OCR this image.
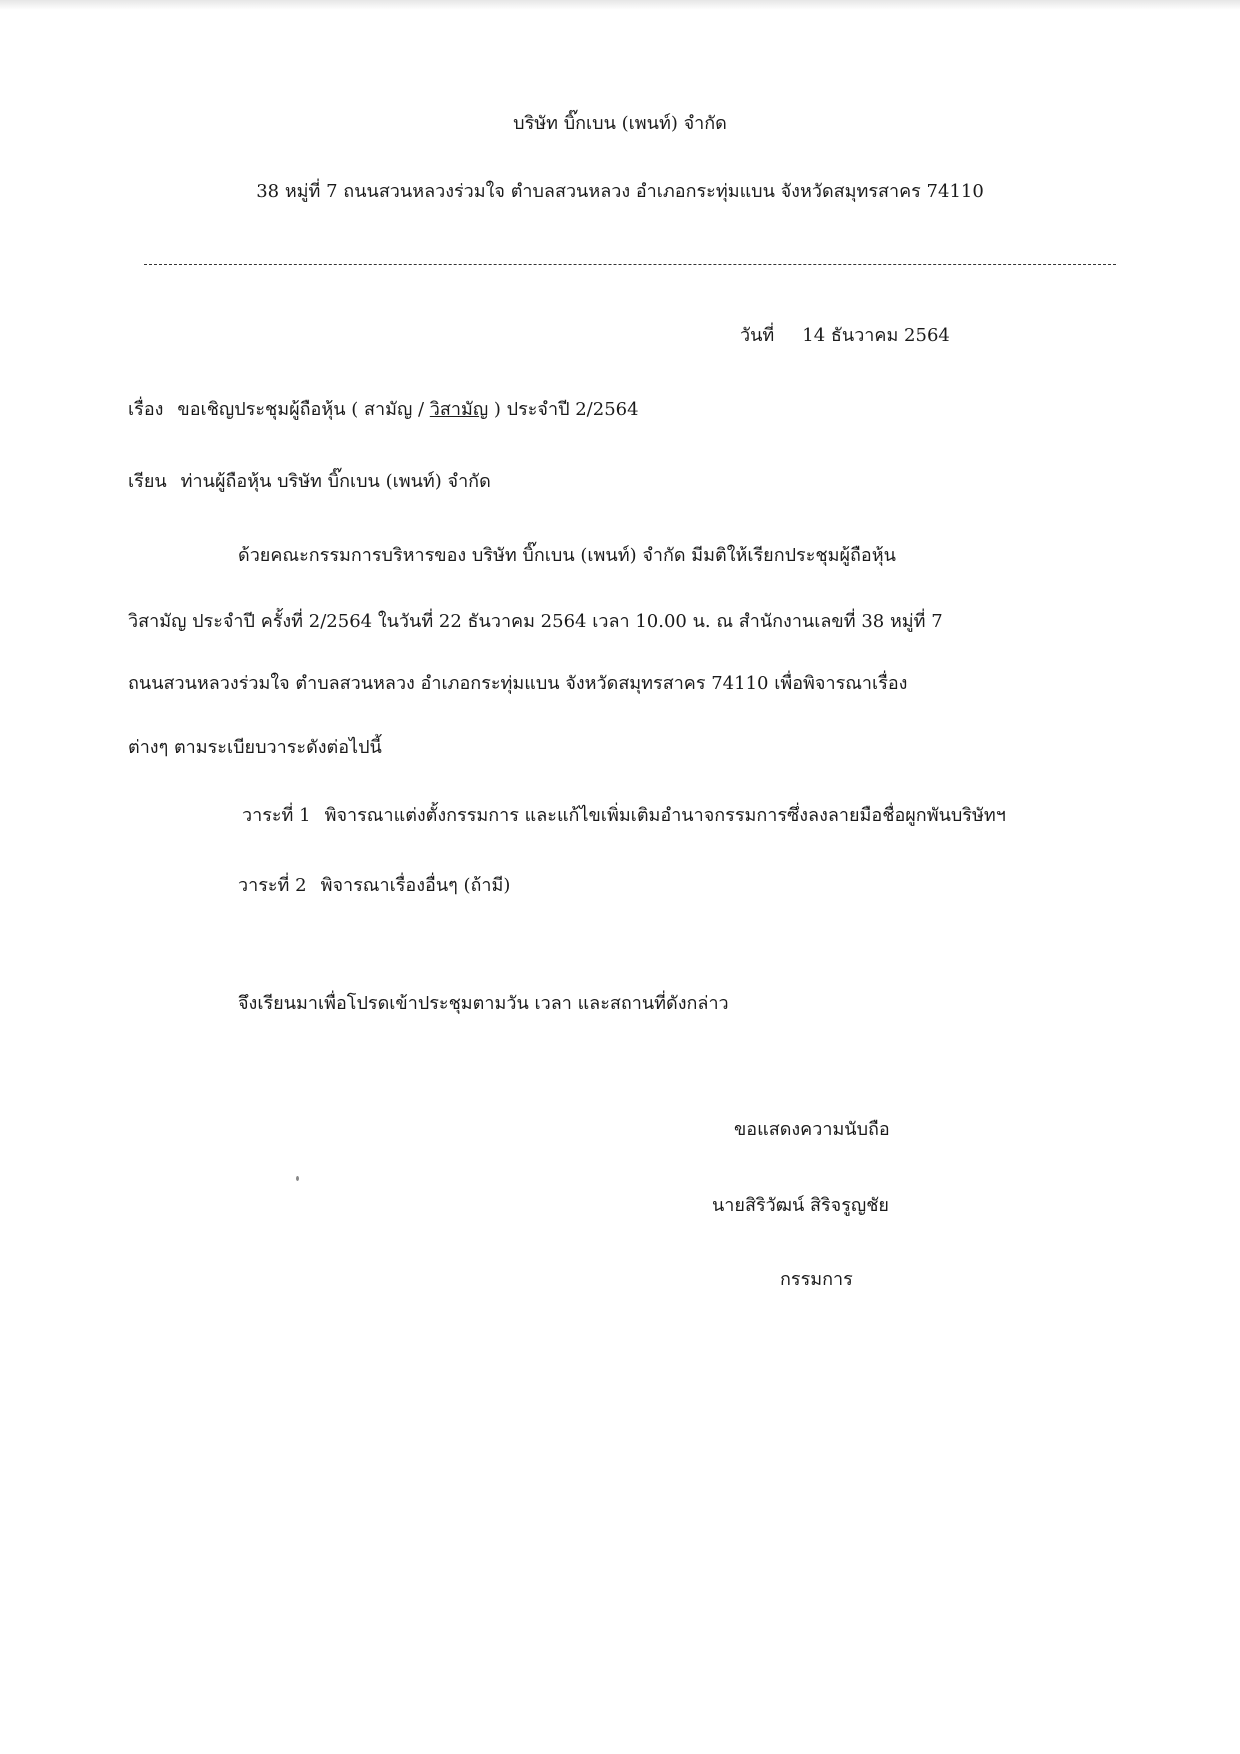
บริษัท บิ๊กเบน (เพนท์) จำกัด
38 หมู่ที่ 7 ถนนสวนหลวงร่วมใจ ตำบลสวนหลวง อำเภอกระทุ่มแบน จังหวัดสมุทรสาคร 74110
วันที่ 14 ธันวาคม 2564
เรื่อง ขอเชิญประชุมผู้ถือหุ้น ( สามัญ / วิสามัญ ) ประจำปี 2/2564
เรียน ท่านผู้ถือหุ้น บริษัท บิ๊กเบน (เพนท์) จำกัด
ด้วยคณะกรรมการบริหารของ บริษัท บิ๊กเบน (เพนท์) จำกัด มีมติให้เรียกประชุมผู้ถือหุ้น
วิสามัญ ประจำปี ครั้งที่ 2/2564 ในวันที่ 22 ธันวาคม 2564 เวลา 10.00 น. ณ สำนักงานเลขที่ 38 หมู่ที่ 7
ถนนสวนหลวงร่วมใจ ตำบลสวนหลวง อำเภอกระทุ่มแบน จังหวัดสมุทรสาคร 74110 เพื่อพิจารณาเรื่อง
ต่างๆ ตามระเบียบวาระดังต่อไปนี้
วาระที่ 1 พิจารณาแต่งตั้งกรรมการ และแก้ไขเพิ่มเติมอำนาจกรรมการซึ่งลงลายมือชื่อผูกพันบริษัทฯ
วาระที่ 2 พิจารณาเรื่องอื่นๆ (ถ้ามี)
จึงเรียนมาเพื่อโปรดเข้าประชุมตามวัน เวลา และสถานที่ดังกล่าว
ขอแสดงความนับถือ
นายสิริวัฒน์ สิริจรูญชัย
กรรมการ
